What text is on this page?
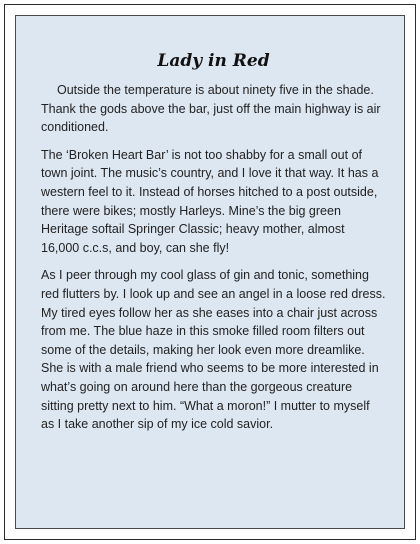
Lady in Red

Outside the temperature is about ninety five in the shade. Thank the gods above the bar, just off the main highway is air conditioned.

The ‘Broken Heart Bar’ is not too shabby for a small out of town joint. The music’s country, and I love it that way. It has a western feel to it. Instead of horses hitched to a post outside, there were bikes; mostly Harleys. Mine’s the big green Heritage softail Springer Classic; heavy mother, almost 16,000 c.c.s, and boy, can she fly!

As I peer through my cool glass of gin and tonic, something red flutters by. I look up and see an angel in a loose red dress. My tired eyes follow her as she eases into a chair just across from me. The blue haze in this smoke filled room filters out some of the details, making her look even more dreamlike. She is with a male friend who seems to be more interested in what’s going on around here than the gorgeous creature sitting pretty next to him. “What a moron!” I mutter to myself as I take another sip of my ice cold savior.
